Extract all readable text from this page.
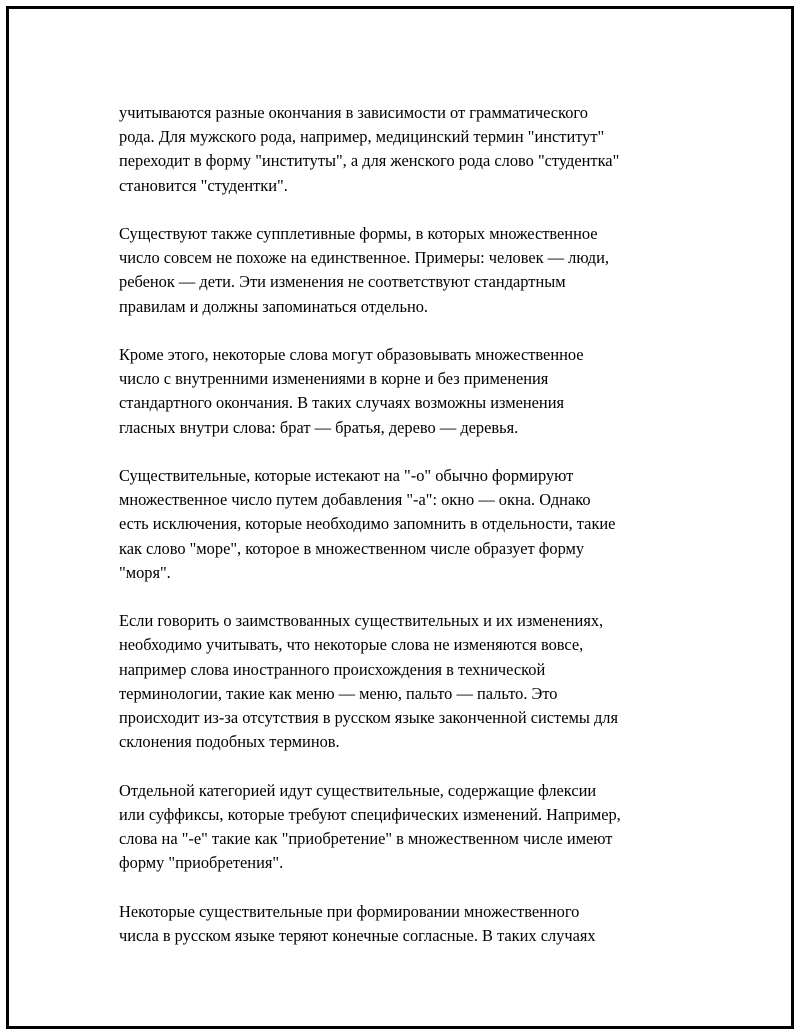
учитываются разные окончания в зависимости от грамматического
рода. Для мужского рода, например, медицинский термин "институт"
переходит в форму "институты", а для женского рода слово "студентка"
становится "студентки".

Существуют также супплетивные формы, в которых множественное
число совсем не похоже на единственное. Примеры: человек — люди,
ребенок — дети. Эти изменения не соответствуют стандартным
правилам и должны запоминаться отдельно.

Кроме этого, некоторые слова могут образовывать множественное
число с внутренними изменениями в корне и без применения
стандартного окончания. В таких случаях возможны изменения
гласных внутри слова: брат — братья, дерево — деревья.

Существительные, которые истекают на "-о" обычно формируют
множественное число путем добавления "-а": окно — окна. Однако
есть исключения, которые необходимо запомнить в отдельности, такие
как слово "море", которое в множественном числе образует форму
"моря".

Если говорить о заимствованных существительных и их изменениях,
необходимо учитывать, что некоторые слова не изменяются вовсе,
например слова иностранного происхождения в технической
терминологии, такие как меню — меню, пальто — пальто. Это
происходит из-за отсутствия в русском языке законченной системы для
склонения подобных терминов.

Отдельной категорией идут существительные, содержащие флексии
или суффиксы, которые требуют специфических изменений. Например,
слова на "-е" такие как "приобретение" в множественном числе имеют
форму "приобретения".

Некоторые существительные при формировании множественного
числа в русском языке теряют конечные согласные. В таких случаях
